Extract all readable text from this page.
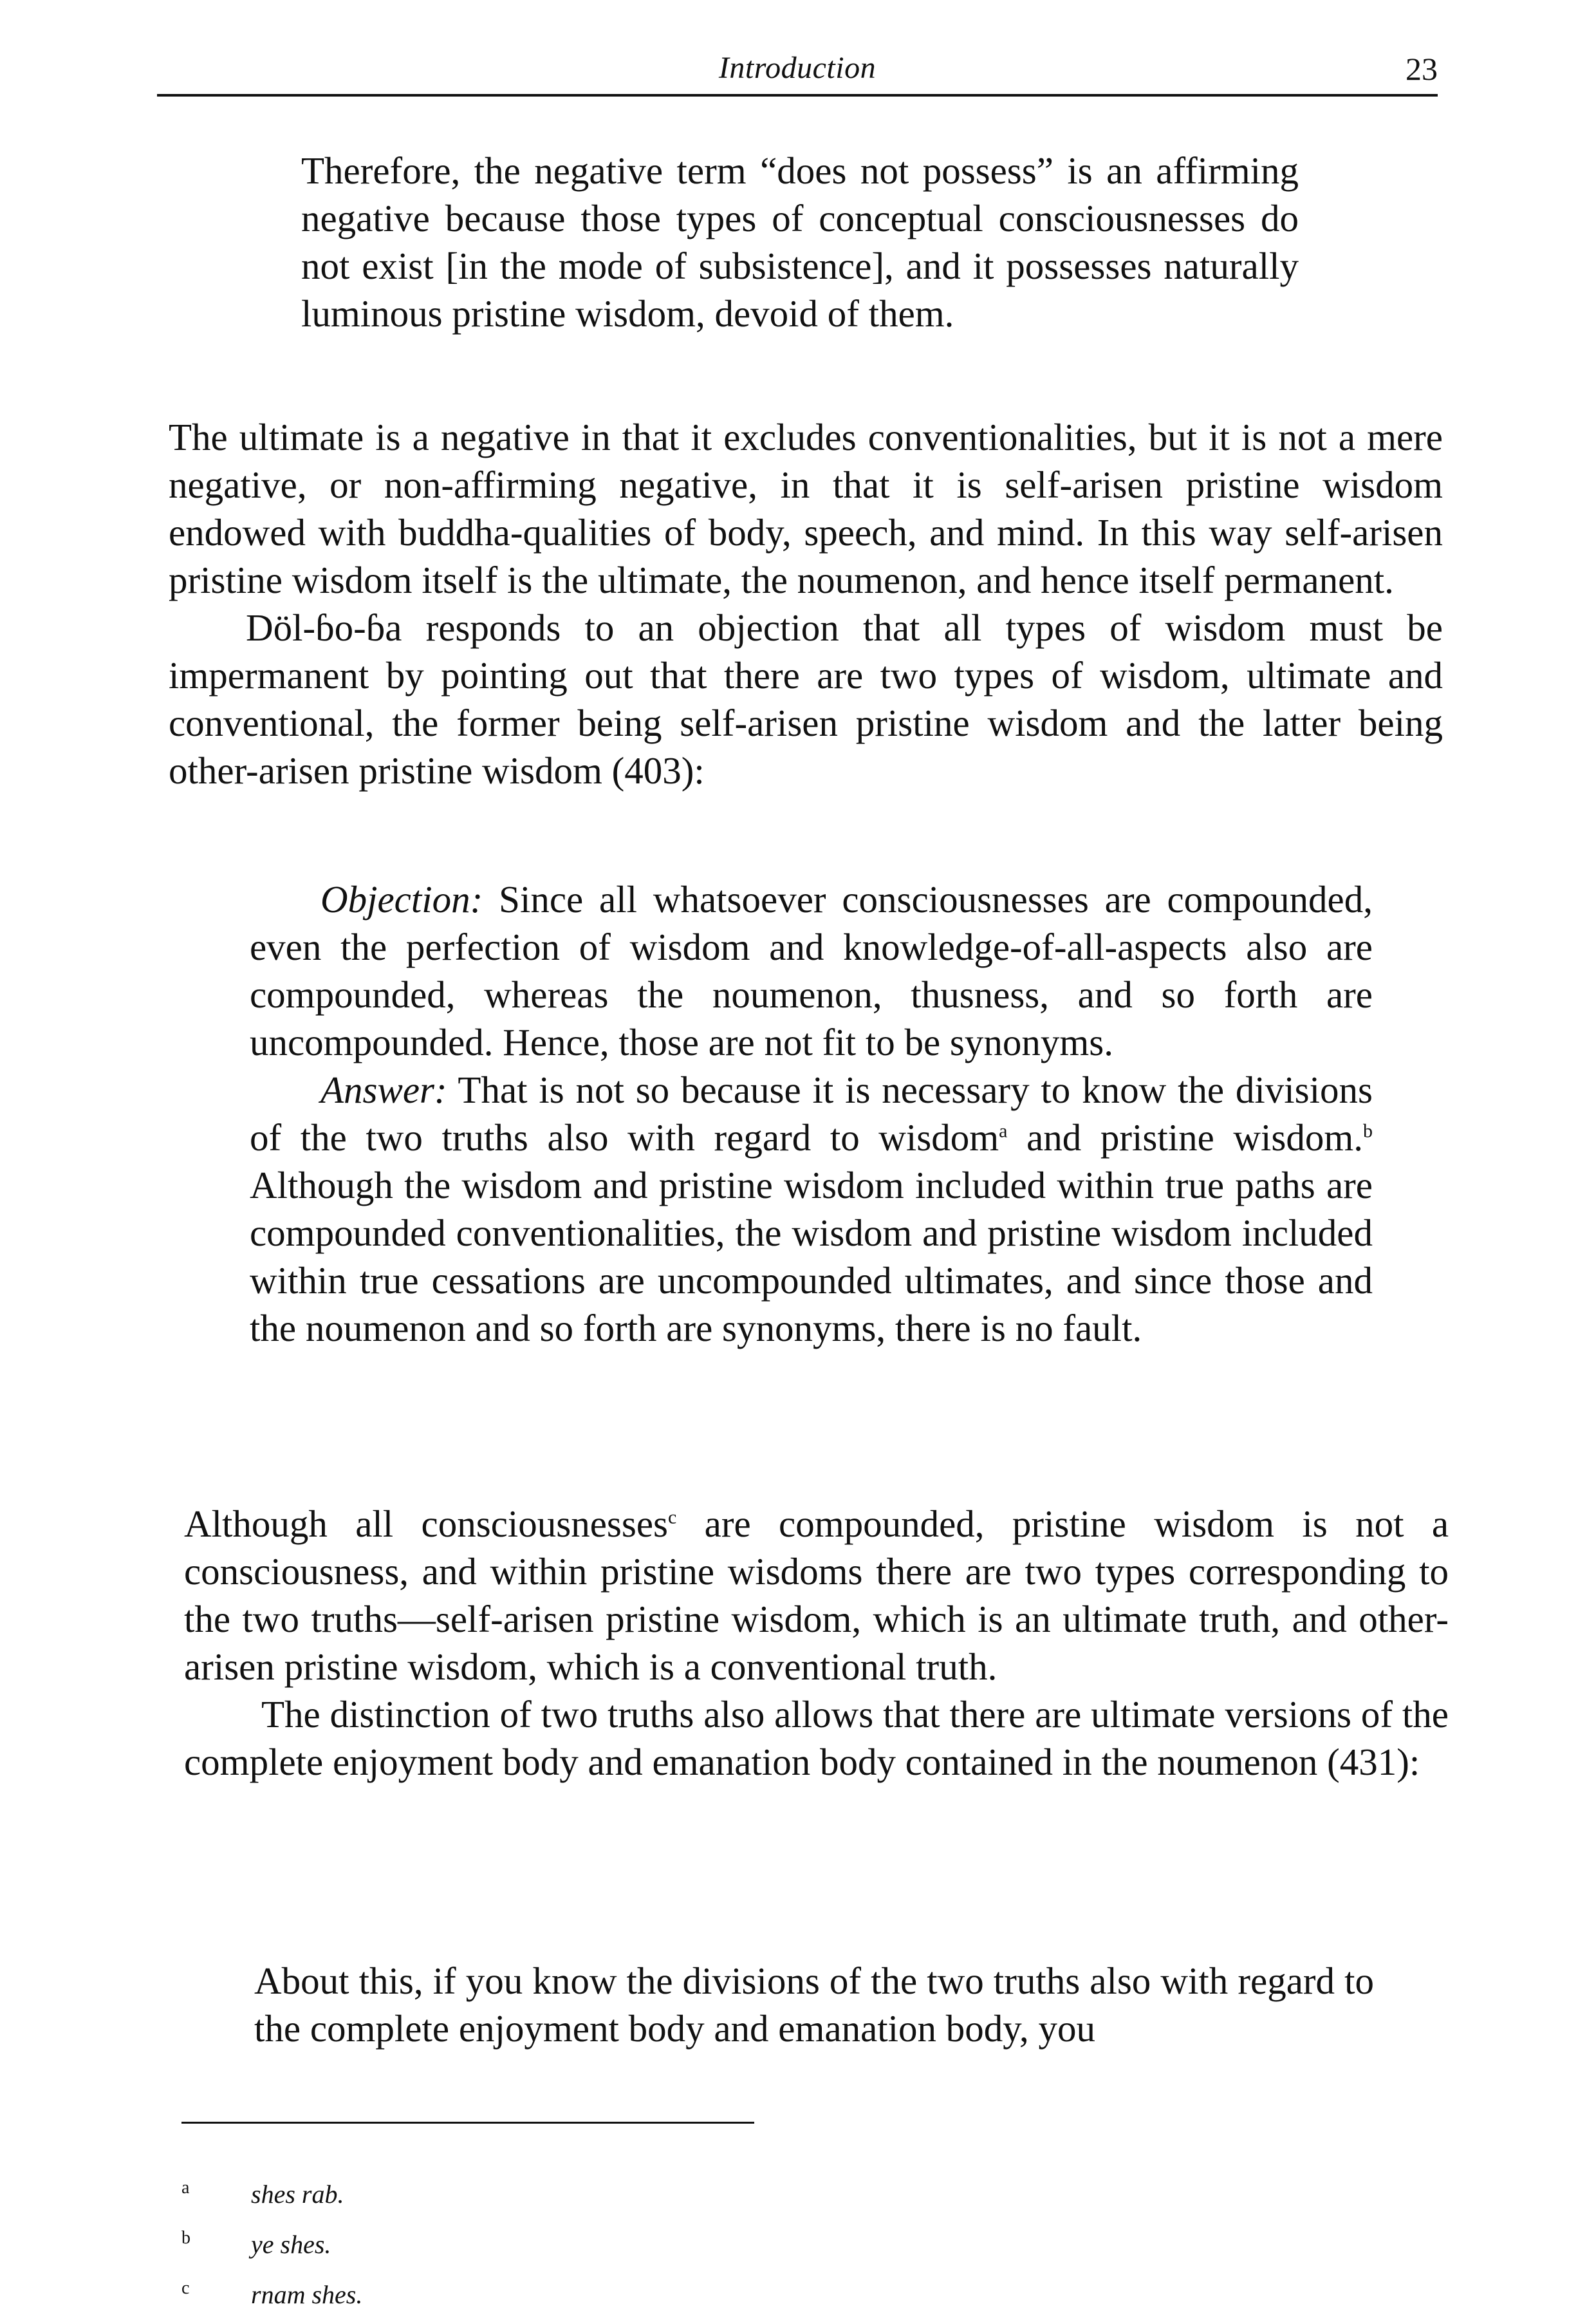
Introduction	23

Therefore, the negative term “does not possess” is an affirming negative because those types of conceptual consciousnesses do not exist [in the mode of subsistence], and it possesses naturally luminous pristine wisdom, devoid of them.

The ultimate is a negative in that it excludes conventionalities, but it is not a mere negative, or non-affirming negative, in that it is self-arisen pristine wisdom endowed with buddha-qualities of body, speech, and mind. In this way self-arisen pristine wisdom itself is the ultimate, the noumenon, and hence itself permanent.

Döl-ɓo-ɓa responds to an objection that all types of wisdom must be impermanent by pointing out that there are two types of wisdom, ultimate and conventional, the former being self-arisen pristine wisdom and the latter being other-arisen pristine wisdom (403):

Objection: Since all whatsoever consciousnesses are compounded, even the perfection of wisdom and knowledge-of-all-aspects also are compounded, whereas the noumenon, thusness, and so forth are uncompounded. Hence, those are not fit to be synonyms.

Answer: That is not so because it is necessary to know the divisions of the two truths also with regard to wisdom$^a$ and pristine wisdom.$^b$ Although the wisdom and pristine wisdom included within true paths are compounded conventionalities, the wisdom and pristine wisdom included within true cessations are uncompounded ultimates, and since those and the noumenon and so forth are synonyms, there is no fault.

Although all consciousnesses$^c$ are compounded, pristine wisdom is not a consciousness, and within pristine wisdoms there are two types corresponding to the two truths—self-arisen pristine wisdom, which is an ultimate truth, and other-arisen pristine wisdom, which is a conventional truth.

The distinction of two truths also allows that there are ultimate versions of the complete enjoyment body and emanation body contained in the noumenon (431):

About this, if you know the divisions of the two truths also with regard to the complete enjoyment body and emanation body, you

a shes rab.
b ye shes.
c rnam shes.
